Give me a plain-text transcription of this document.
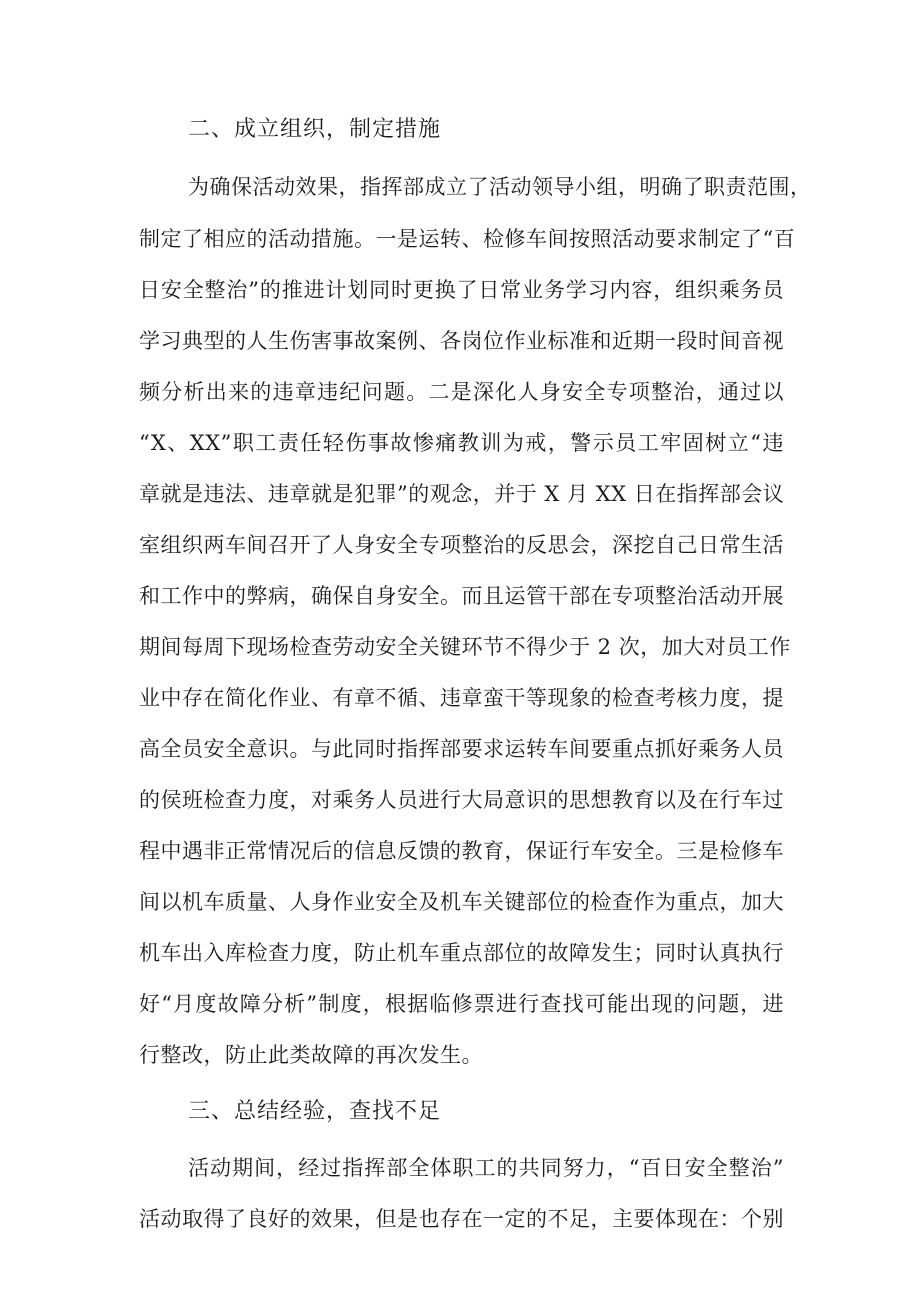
二、成立组织，制定措施
为确保活动效果，指挥部成立了活动领导小组，明确了职责范围，
制定了相应的活动措施。一是运转、检修车间按照活动要求制定了“百
日安全整治”的推进计划同时更换了日常业务学习内容，组织乘务员
学习典型的人生伤害事故案例、各岗位作业标准和近期一段时间音视
频分析出来的违章违纪问题。二是深化人身安全专项整治，通过以
“X、XX”职工责任轻伤事故惨痛教训为戒，警示员工牢固树立“违
章就是违法、违章就是犯罪”的观念，并于 X 月 XX 日在指挥部会议
室组织两车间召开了人身安全专项整治的反思会，深挖自己日常生活
和工作中的弊病，确保自身安全。而且运管干部在专项整治活动开展
期间每周下现场检查劳动安全关键环节不得少于 2 次，加大对员工作
业中存在简化作业、有章不循、违章蛮干等现象的检查考核力度，提
高全员安全意识。与此同时指挥部要求运转车间要重点抓好乘务人员
的侯班检查力度，对乘务人员进行大局意识的思想教育以及在行车过
程中遇非正常情况后的信息反馈的教育，保证行车安全。三是检修车
间以机车质量、人身作业安全及机车关键部位的检查作为重点，加大
机车出入库检查力度，防止机车重点部位的故障发生；同时认真执行
好“月度故障分析”制度，根据临修票进行查找可能出现的问题，进
行整改，防止此类故障的再次发生。
三、总结经验，查找不足
活动期间，经过指挥部全体职工的共同努力，“百日安全整治”
活动取得了良好的效果，但是也存在一定的不足，主要体现在：个别
